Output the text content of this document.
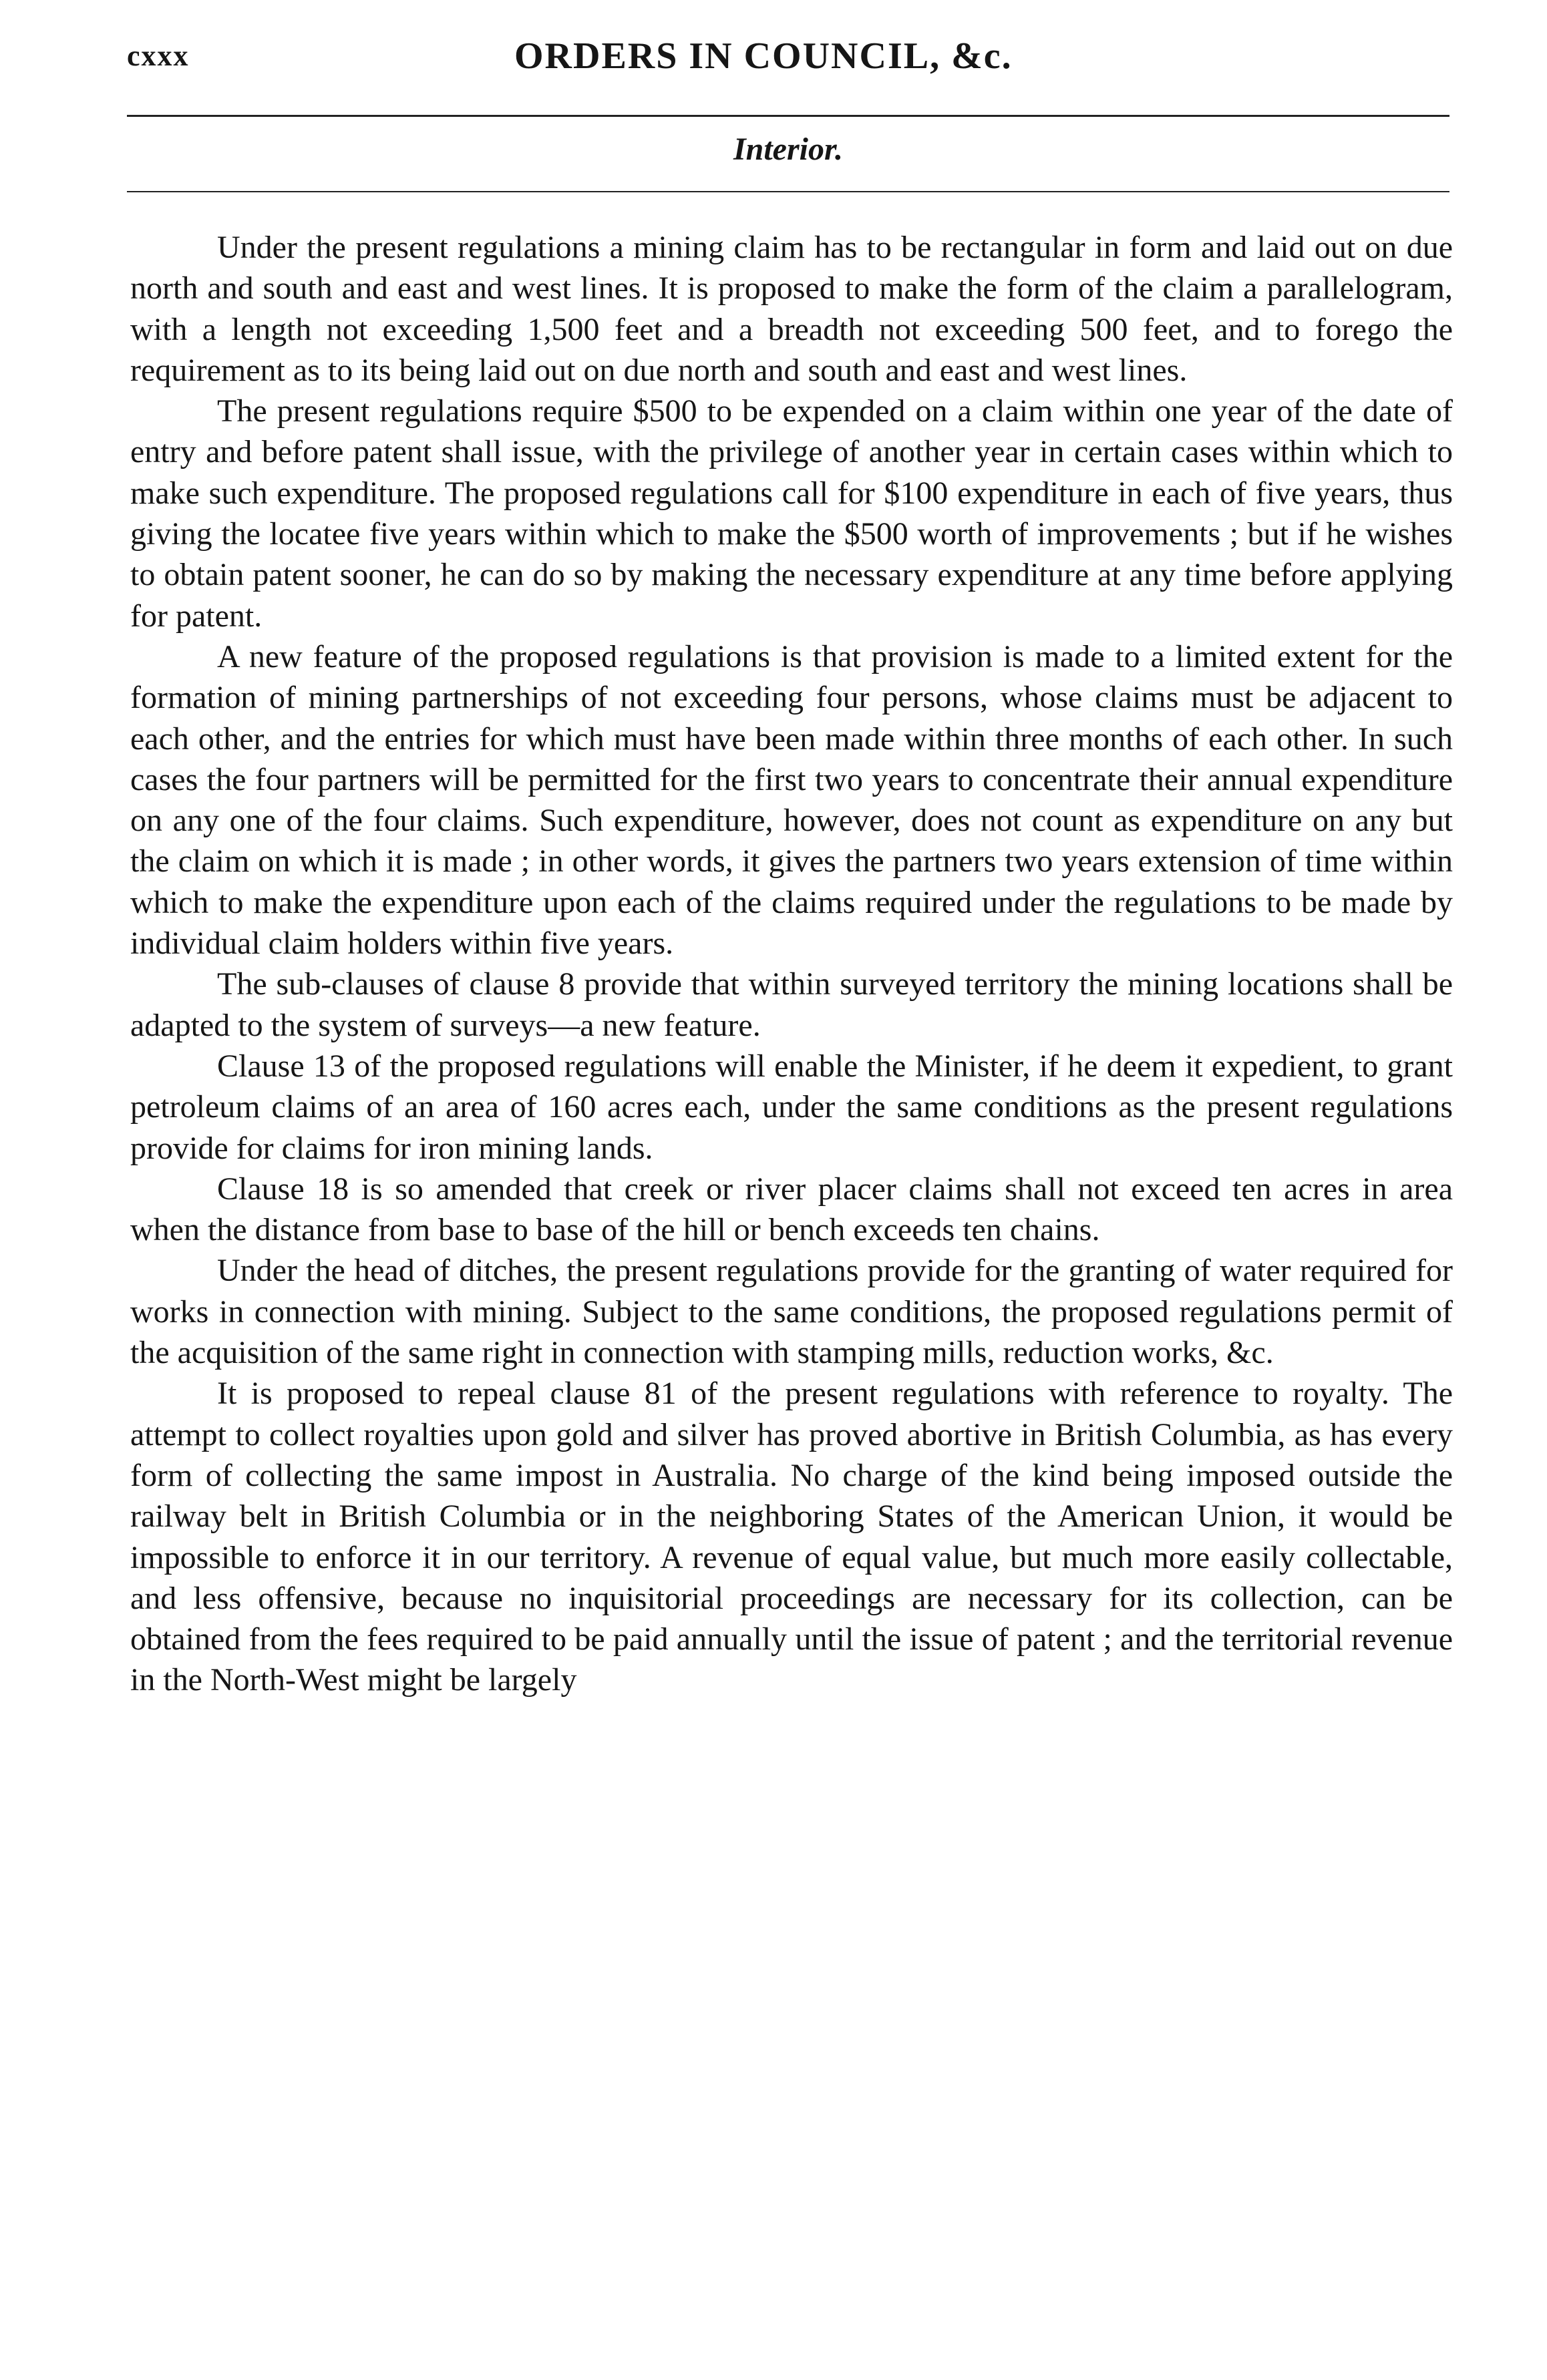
cxxx	ORDERS IN COUNCIL, &c.
Interior.

Under the present regulations a mining claim has to be rectangular in form and laid out on due north and south and east and west lines. It is proposed to make the form of the claim a parallelogram, with a length not exceeding 1,500 feet and a breadth not exceeding 500 feet, and to forego the requirement as to its being laid out on due north and south and east and west lines.

The present regulations require $500 to be expended on a claim within one year of the date of entry and before patent shall issue, with the privilege of another year in certain cases within which to make such expenditure. The proposed regulations call for $100 expenditure in each of five years, thus giving the locatee five years within which to make the $500 worth of improvements ; but if he wishes to obtain patent sooner, he can do so by making the necessary expenditure at any time before applying for patent.

A new feature of the proposed regulations is that provision is made to a limited extent for the formation of mining partnerships of not exceeding four persons, whose claims must be adjacent to each other, and the entries for which must have been made within three months of each other. In such cases the four partners will be permitted for the first two years to concentrate their annual expenditure on any one of the four claims. Such expenditure, however, does not count as expenditure on any but the claim on which it is made ; in other words, it gives the partners two years extension of time within which to make the expenditure upon each of the claims required under the regulations to be made by individual claim holders within five years.

The sub-clauses of clause 8 provide that within surveyed territory the mining locations shall be adapted to the system of surveys—a new feature.

Clause 13 of the proposed regulations will enable the Minister, if he deem it expedient, to grant petroleum claims of an area of 160 acres each, under the same conditions as the present regulations provide for claims for iron mining lands.

Clause 18 is so amended that creek or river placer claims shall not exceed ten acres in area when the distance from base to base of the hill or bench exceeds ten chains.

Under the head of ditches, the present regulations provide for the granting of water required for works in connection with mining. Subject to the same conditions, the proposed regulations permit of the acquisition of the same right in connection with stamping mills, reduction works, &c.

It is proposed to repeal clause 81 of the present regulations with reference to royalty. The attempt to collect royalties upon gold and silver has proved abortive in British Columbia, as has every form of collecting the same impost in Australia. No charge of the kind being imposed outside the railway belt in British Columbia or in the neighboring States of the American Union, it would be impossible to enforce it in our territory. A revenue of equal value, but much more easily collectable, and less offensive, because no inquisitorial proceedings are necessary for its collection, can be obtained from the fees required to be paid annually until the issue of patent ; and the territorial revenue in the North-West might be largely
